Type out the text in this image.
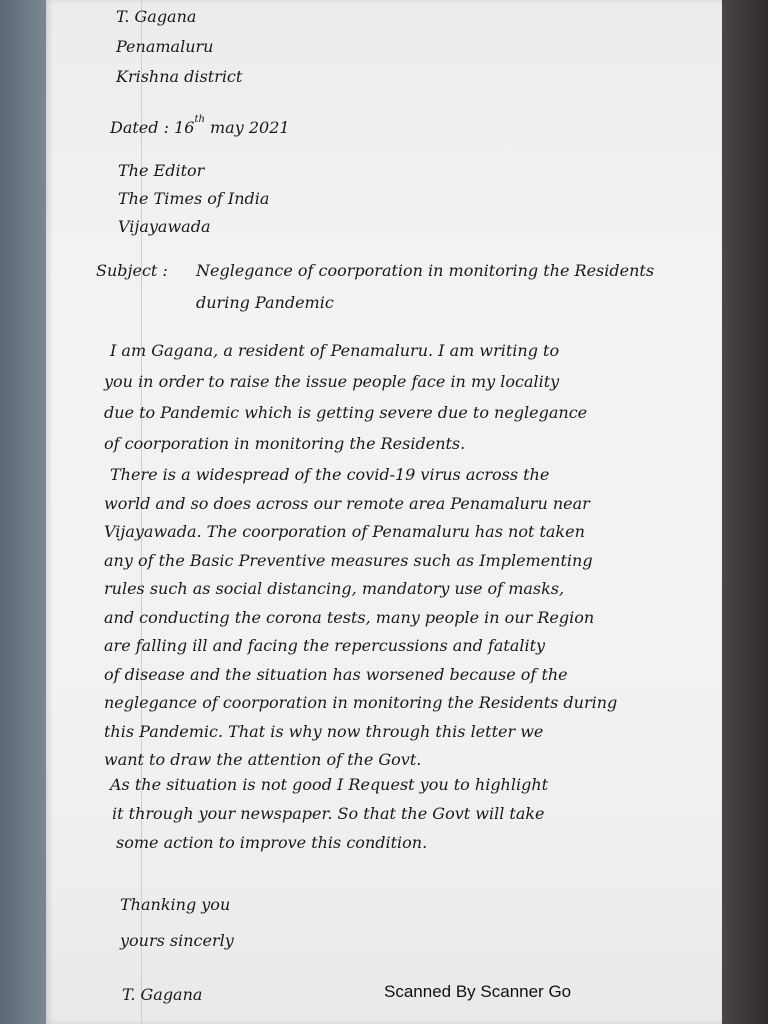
T. Gagana
Penamaluru
Krishna district
Dated : 16th may 2021
The Editor
The Times of India
Vijayawada
Subject :	Neglegance of coorporation in monitoring the Residents
during Pandemic
I am Gagana, a resident of Penamaluru. I am writing to
you in order to raise the issue people face in my locality
due to Pandemic which is getting severe due to neglegance
of coorporation in monitoring the Residents.
There is a widespread of the covid-19 virus across the
world and so does across our remote area Penamaluru near
Vijayawada. The coorporation of Penamaluru has not taken
any of the Basic Preventive measures such as Implementing
rules such as social distancing, mandatory use of masks,
and conducting the corona tests, many people in our Region
are falling ill and facing the repercussions and fatality
of disease and the situation has worsened because of the
neglegance of coorporation in monitoring the Residents during
this Pandemic. That is why now through this letter we
want to draw the attention of the Govt.
As the situation is not good I Request you to highlight
it through your newspaper. So that the Govt will take
some action to improve this condition.
Thanking you
yours sincerly
T. Gagana	Scanned By Scanner Go
